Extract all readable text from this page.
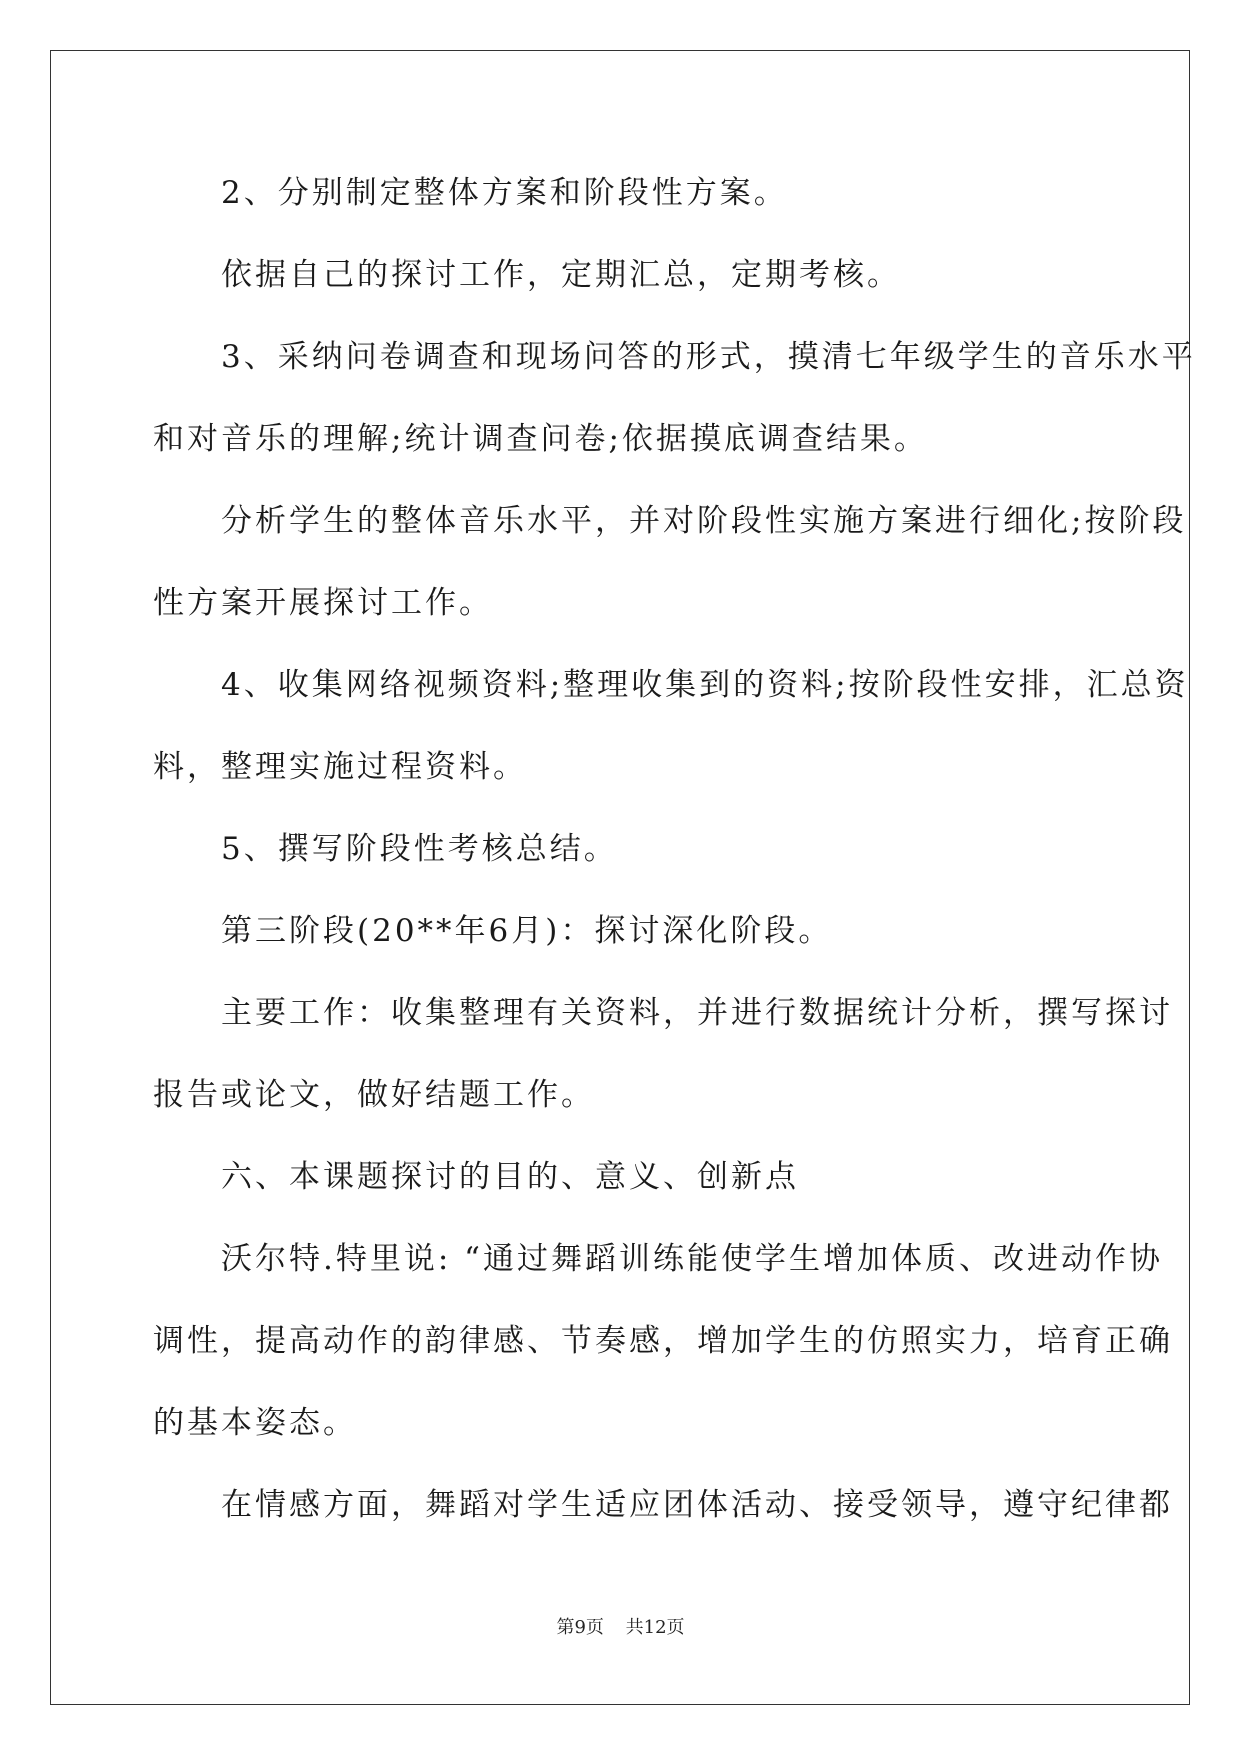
　　2、分别制定整体方案和阶段性方案。
　　依据自己的探讨工作，定期汇总，定期考核。
　　3、采纳问卷调查和现场问答的形式，摸清七年级学生的音乐水平
和对音乐的理解;统计调查问卷;依据摸底调查结果。
　　分析学生的整体音乐水平，并对阶段性实施方案进行细化;按阶段
性方案开展探讨工作。
　　4、收集网络视频资料;整理收集到的资料;按阶段性安排，汇总资
料，整理实施过程资料。
　　5、撰写阶段性考核总结。
　　第三阶段(20**年6月)：探讨深化阶段。
　　主要工作：收集整理有关资料，并进行数据统计分析，撰写探讨
报告或论文，做好结题工作。
　　六、本课题探讨的目的、意义、创新点
　　沃尔特.特里说: “通过舞蹈训练能使学生增加体质、改进动作协
调性，提高动作的韵律感、节奏感，增加学生的仿照实力，培育正确
的基本姿态。
　　在情感方面，舞蹈对学生适应团体活动、接受领导，遵守纪律都
第9页 共12页
